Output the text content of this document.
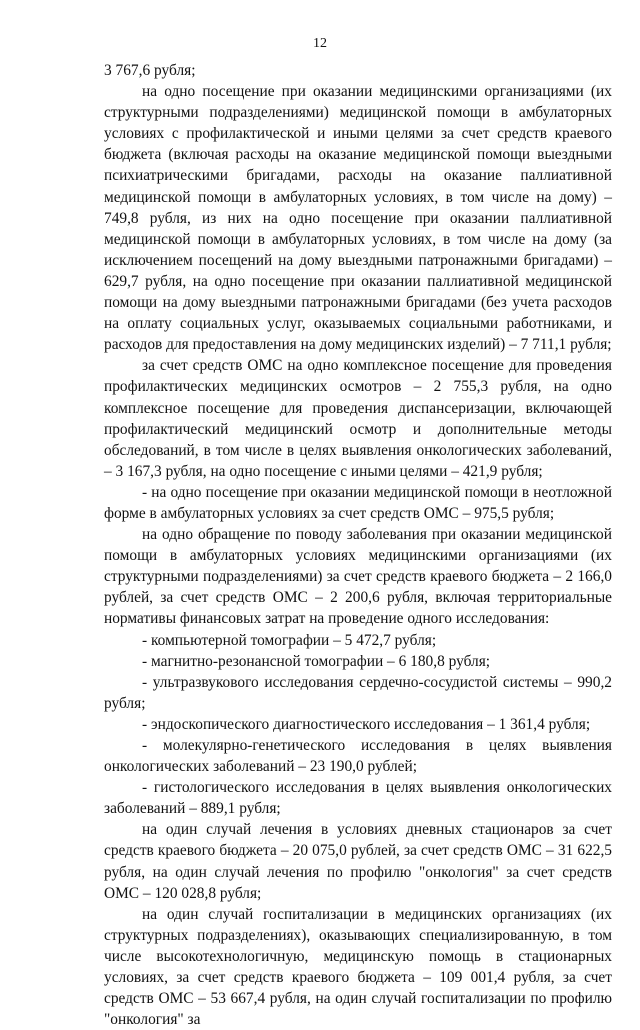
12

3 767,6 рубля;

на одно посещение при оказании медицинскими организациями (их структурными подразделениями) медицинской помощи в амбулаторных условиях с профилактической и иными целями за счет средств краевого бюджета (включая расходы на оказание медицинской помощи выездными психиатрическими бригадами, расходы на оказание паллиативной медицинской помощи в амбулаторных условиях, в том числе на дому) – 749,8 рубля, из них на одно посещение при оказании паллиативной медицинской помощи в амбулаторных условиях, в том числе на дому (за исключением посещений на дому выездными патронажными бригадами) – 629,7 рубля, на одно посещение при оказании паллиативной медицинской помощи на дому выездными патронажными бригадами (без учета расходов на оплату социальных услуг, оказываемых социальными работниками, и расходов для предоставления на дому медицинских изделий) – 7 711,1 рубля;

за счет средств ОМС на одно комплексное посещение для проведения профилактических медицинских осмотров – 2 755,3 рубля, на одно комплексное посещение для проведения диспансеризации, включающей профилактический медицинский осмотр и дополнительные методы обследований, в том числе в целях выявления онкологических заболеваний, – 3 167,3 рубля, на одно посещение с иными целями – 421,9 рубля;

- на одно посещение при оказании медицинской помощи в неотложной форме в амбулаторных условиях за счет средств ОМС – 975,5 рубля;

на одно обращение по поводу заболевания при оказании медицинской помощи в амбулаторных условиях медицинскими организациями (их структурными подразделениями) за счет средств краевого бюджета – 2 166,0 рублей, за счет средств ОМС – 2 200,6 рубля, включая территориальные нормативы финансовых затрат на проведение одного исследования:

- компьютерной томографии – 5 472,7 рубля;

- магнитно-резонансной томографии – 6 180,8 рубля;

- ультразвукового исследования сердечно-сосудистой системы – 990,2 рубля;

- эндоскопического диагностического исследования – 1 361,4 рубля;

- молекулярно-генетического исследования в целях выявления онкологических заболеваний – 23 190,0 рублей;

- гистологического исследования в целях выявления онкологических заболеваний – 889,1 рубля;

на один случай лечения в условиях дневных стационаров за счет средств краевого бюджета – 20 075,0 рублей, за счет средств ОМС – 31 622,5 рубля, на один случай лечения по профилю "онкология" за счет средств ОМС – 120 028,8 рубля;

на один случай госпитализации в медицинских организациях (их структурных подразделениях), оказывающих специализированную, в том числе высокотехнологичную, медицинскую помощь в стационарных условиях, за счет средств краевого бюджета – 109 001,4 рубля, за счет средств ОМС – 53 667,4 рубля, на один случай госпитализации по профилю "онкология" за
